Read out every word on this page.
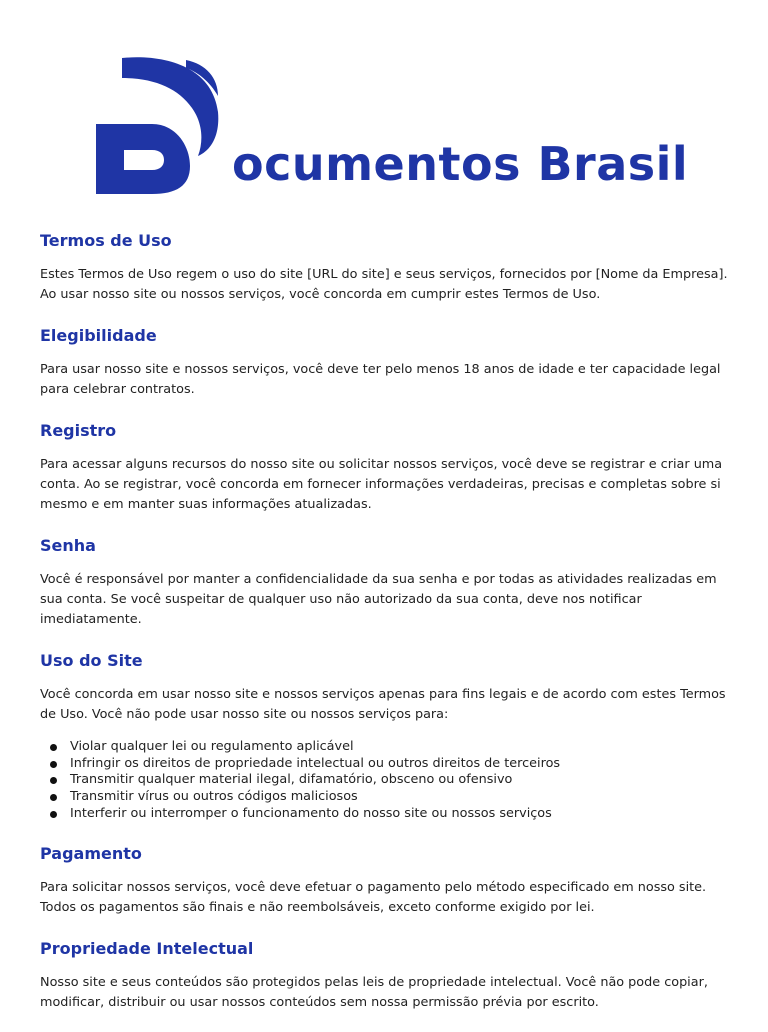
ocumentos Brasil
Termos de Uso

Estes Termos de Uso regem o uso do site [URL do site] e seus serviços, fornecidos por [Nome da Empresa]. Ao usar nosso site ou nossos serviços, você concorda em cumprir estes Termos de Uso.

Elegibilidade

Para usar nosso site e nossos serviços, você deve ter pelo menos 18 anos de idade e ter capacidade legal para celebrar contratos.

Registro

Para acessar alguns recursos do nosso site ou solicitar nossos serviços, você deve se registrar e criar uma conta. Ao se registrar, você concorda em fornecer informações verdadeiras, precisas e completas sobre si mesmo e em manter suas informações atualizadas.

Senha

Você é responsável por manter a confidencialidade da sua senha e por todas as atividades realizadas em sua conta. Se você suspeitar de qualquer uso não autorizado da sua conta, deve nos notificar imediatamente.

Uso do Site

Você concorda em usar nosso site e nossos serviços apenas para fins legais e de acordo com estes Termos de Uso. Você não pode usar nosso site ou nossos serviços para:

Violar qualquer lei ou regulamento aplicável
Infringir os direitos de propriedade intelectual ou outros direitos de terceiros
Transmitir qualquer material ilegal, difamatório, obsceno ou ofensivo
Transmitir vírus ou outros códigos maliciosos
Interferir ou interromper o funcionamento do nosso site ou nossos serviços
Pagamento

Para solicitar nossos serviços, você deve efetuar o pagamento pelo método especificado em nosso site. Todos os pagamentos são finais e não reembolsáveis, exceto conforme exigido por lei.

Propriedade Intelectual

Nosso site e seus conteúdos são protegidos pelas leis de propriedade intelectual. Você não pode copiar, modificar, distribuir ou usar nossos conteúdos sem nossa permissão prévia por escrito.
